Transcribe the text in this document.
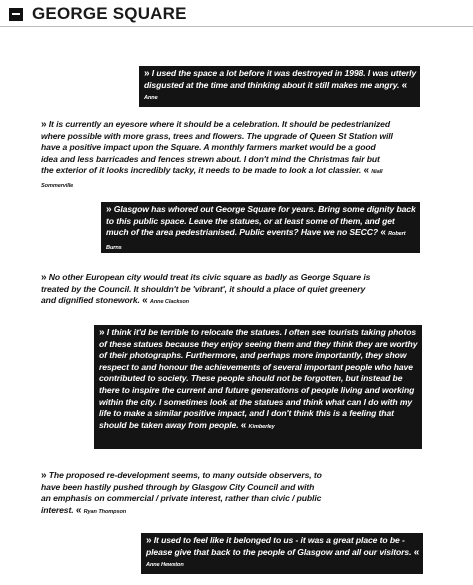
GEORGE SQUARE
» I used the space a lot before it was destroyed in 1998. I was utterly disgusted at the time and thinking about it still makes me angry. « Anne
» It is currently an eyesore where it should be a celebration. It should be pedestrianized where possible with more grass, trees and flowers. The upgrade of Queen St Station will have a positive impact upon the Square. A monthly farmers market would be a good idea and less barricades and fences strewn about. I don't mind the Christmas fair but the exterior of it looks incredibly tacky, it needs to be made to look a lot classier. « Niall Sommerville
» Glasgow has whored out George Square for years. Bring some dignity back to this public space. Leave the statues, or at least some of them, and get much of the area pedestrianised. Public events? Have we no SECC? « Robert Burns
» No other European city would treat its civic square as badly as George Square is treated by the Council. It shouldn't be 'vibrant', it should a place of quiet greenery and dignified stonework. « Anne Clackson
» I think it'd be terrible to relocate the statues. I often see tourists taking photos of these statues because they enjoy seeing them and they think they are worthy of their photographs. Furthermore, and perhaps more importantly, they show respect to and honour the achievements of several important people who have contributed to society. These people should not be forgotten, but instead be there to inspire the current and future generations of people living and working within the city. I sometimes look at the statues and think what can I do with my life to make a similar positive impact, and I don't think this is a feeling that should be taken away from people. « Kimberley
» The proposed re-development seems, to many outside observers, to have been hastily pushed through by Glasgow City Council and with an emphasis on commercial / private interest, rather than civic / public interest. « Ryan Thompson
» It used to feel like it belonged to us - it was a great place to be - please give that back to the people of Glasgow and all our visitors. « Anne Hewston
